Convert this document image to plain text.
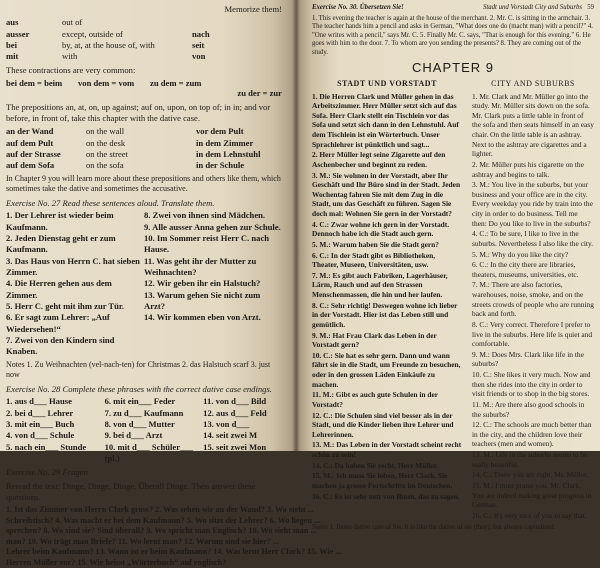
Memorize them!
aus	out of
ausser	except, outside of	nach
bei	by, at, at the house of, with	seit
mit	with	von
These contractions are very common:
bei dem = beim	von dem = vom	zu dem = zum
zu der = zur
The prepositions an, at, on, up against; auf on, upon, on top of; in in; and vor before, in front of, take this chapter with the dative case.
an der Wand	on the wall	vor dem Pult
auf dem Pult	on the desk	in dem Zimmer
auf der Strasse	on the street	in dem Lehnstuhl
auf dem Sofa	on the sofa	in der Schule
In Chapter 9 you will learn more about these prepositions and others like them, which sometimes take the dative and sometimes the accusative.
Exercise No. 27 Read these sentences aloud. Translate them.
1. Der Lehrer ist wieder beim Kaufmann.
2. Jeden Dienstag geht er zum Kaufmann.
3. Das Haus von Herrn C. hat sieben Zimmer.
4. Die Herren gehen aus dem Zimmer.
5. Herr C. geht mit ihm zur Tür.
6. Er sagt zum Lehrer: „Auf Wiedersehen!“
7. Zwei von den Kindern sind Knaben.
8. Zwei von ihnen sind Mädchen.
9. Alle ausser Anna gehen zur Schule.
10. Im Sommer reist Herr C. nach Hause.
11. Was geht ihr der Mutter zu Weihnachten?
12. Wir geben ihr ein Halstuch?
13. Warum gehen Sie nicht zum Arzt?
14. Wir kommen eben von Arzt.
Notes 1. Zu Weihnachten (vel-nach-ten) for Christmas 2. das Halstuch scarf 3. just now
Exercise No. 28 Complete these phrases with the correct dative case endings.
1. aus d___ Hause
2. bei d___ Lehrer
3. mit ein___ Buch
4. von d___ Schule
5. nach ein___ Stunde
6. mit ein___ Feder
7. zu d___ Kaufmann
8. von d___ Mutter
9. bei d___ Arzt
10. mit d___ Schüler___ (pl.)
11. von d___ Bild
12. aus d___ Feld
13. von d___
14. seit zwei M
15. seit zwei Mon
Exercise No. 29 Fragen
Reread the text: Dinge, Dinge, Dinge, Überall Dinge. Then answer these questions.
1. Ist das Zimmer von Herrn Clark gross? 2. Was sehen wir an der Wand? 3. Wo steht ...
Schreibtisch? 4. Was macht er bei dem Kaufmann? 5. Wo sitzt der Lehrer? 6. Wo liegen ...
sprechen? 8. Wo sind sie? Sind überall? 9. Wo spricht man Englisch? 10. Wo sieht man ...
man? 10. Wo trägt man Briefe? 11. Wo lernt man? 12. Warum sind sie hier? ...
Lehrer beim Kaufmann? 13. Wann ist er beim Kaufmann? 14. Was lernt Herr Clark? 15. Wie ...
Herren Müller vor? 15. Wie heisst „Wörterbuch“ auf englisch?
Exercise No. 30. Übersetzen Sie!	Stadt und Vorstadt City and Suburbs 59
1. This evening the teacher is again at the house of the merchant. 2. Mr. C. is sitting in the armchair. 3. The teacher hands him a pencil and asks in German, "What does one do (macht man) with a pencil?" 4. "One writes with a pencil," says Mr. C. 5. Finally Mr. C. says, "That is enough for this evening." 6. He goes with him to the door. 7. To whom are you sending the presents? 8. They are coming out of the study.
CHAPTER 9
STADT UND VORSTADT

1. Die Herren Clark und Müller gehen in das Arbeitszimmer. Herr Müller setzt sich auf das Sofa. Herr Clark stellt ein Tischlein vor das Sofa und setzt sich dann in den Lehnstuhl. Auf dem Tischlein ist ein Wörterbuch. Unser Sprachlehrer ist pünktlich und sagt...

2. Herr Müller legt seine Zigarette auf den Aschenbecher und beginnt zu reden.

3. M.: Sie wohnen in der Vorstadt, aber Ihr Geschäft und Ihr Büro sind in der Stadt. Jeden Wochentag fahren Sie mit dem Zug in die Stadt, um das Geschäft zu führen. Sagen Sie doch mal: Wohnen Sie gern in der Vorstadt?

4. C.: Zwar wohne ich gern in der Vorstadt. Dennoch habe ich die Stadt auch gern.

5. M.: Warum haben Sie die Stadt gern?

6. C.: In der Stadt gibt es Bibliotheken, Theater, Museen, Universitäten, usw.

7. M.: Es gibt auch Fabriken, Lagerhäuser, Lärm, Rauch und auf den Strassen Menschenmassen, die hin und her laufen.

8. C.: Sehr richtig! Deswegen wohne ich lieber in der Vorstadt. Hier ist das Leben still und gemütlich.

9. M.: Hat Frau Clark das Leben in der Vorstadt gern?

10. C.: Sie hat es sehr gern. Dann und wann fährt sie in die Stadt, um Freunde zu besuchen, oder in den grossen Läden Einkäufe zu machen.

11. M.: Gibt es auch gute Schulen in der Vorstadt?

12. C.: Die Schulen sind viel besser als in der Stadt, und die Kinder lieben ihre Lehrer und Lehrerinnen.

13. M.: Das Leben in der Vorstadt scheint recht schön zu sein!

14. C.: Da haben Sie recht, Herr Müller.

15. M.: Ich muss Sie loben, Herr Clark. Sie machen ja grosse Fortschritte im Deutschen.

16. C.: Es ist sehr nett von Ihnen, das zu sagen.

CITY AND SUBURBS

1. Mr. Clark and Mr. Müller go into the study. Mr. Müller sits down on the sofa. Mr. Clark puts a little table in front of the sofa and then seats himself in an easy chair. On the little table is an ashtray. Next to the ashtray are cigarettes and a lighter.

2. Mr. Müller puts his cigarette on the ashtray and begins to talk.

3. M.: You live in the suburbs, but your business and your office are in the city. Every weekday you ride by train into the city in order to do business. Tell me then: Do you like to live in the suburbs?

4. C.: To be sure, I like to live in the suburbs. Nevertheless I also like the city.

5. M.: Why do you like the city?

6. C.: In the city there are libraries, theaters, museums, universities, etc.

7. M.: There are also factories, warehouses, noise, smoke, and on the streets crowds of people who are running back and forth.

8. C.: Very correct. Therefore I prefer to live in the suburbs. Here life is quiet and comfortable.

9. M.: Does Mrs. Clark like life in the suburbs?

10. C.: She likes it very much. Now and then she rides into the city in order to visit friends or to shop in the big stores.

11. M.: Are there also good schools in the suburbs?

12. C.: The schools are much better than in the city, and the children love their teachers (men and women).

13. M.: Life in the suburbs seems to be really beautiful.

14. C.: There you are right, Mr. Müller.

15. M.: I must praise you, Mr. Clark. You are indeed making great progress in German.

16. C.: It's very nice of you to say that.

Notes 1. Ihnen dative case of Sie. It is like the dative of sie (they), but always capitalized.
